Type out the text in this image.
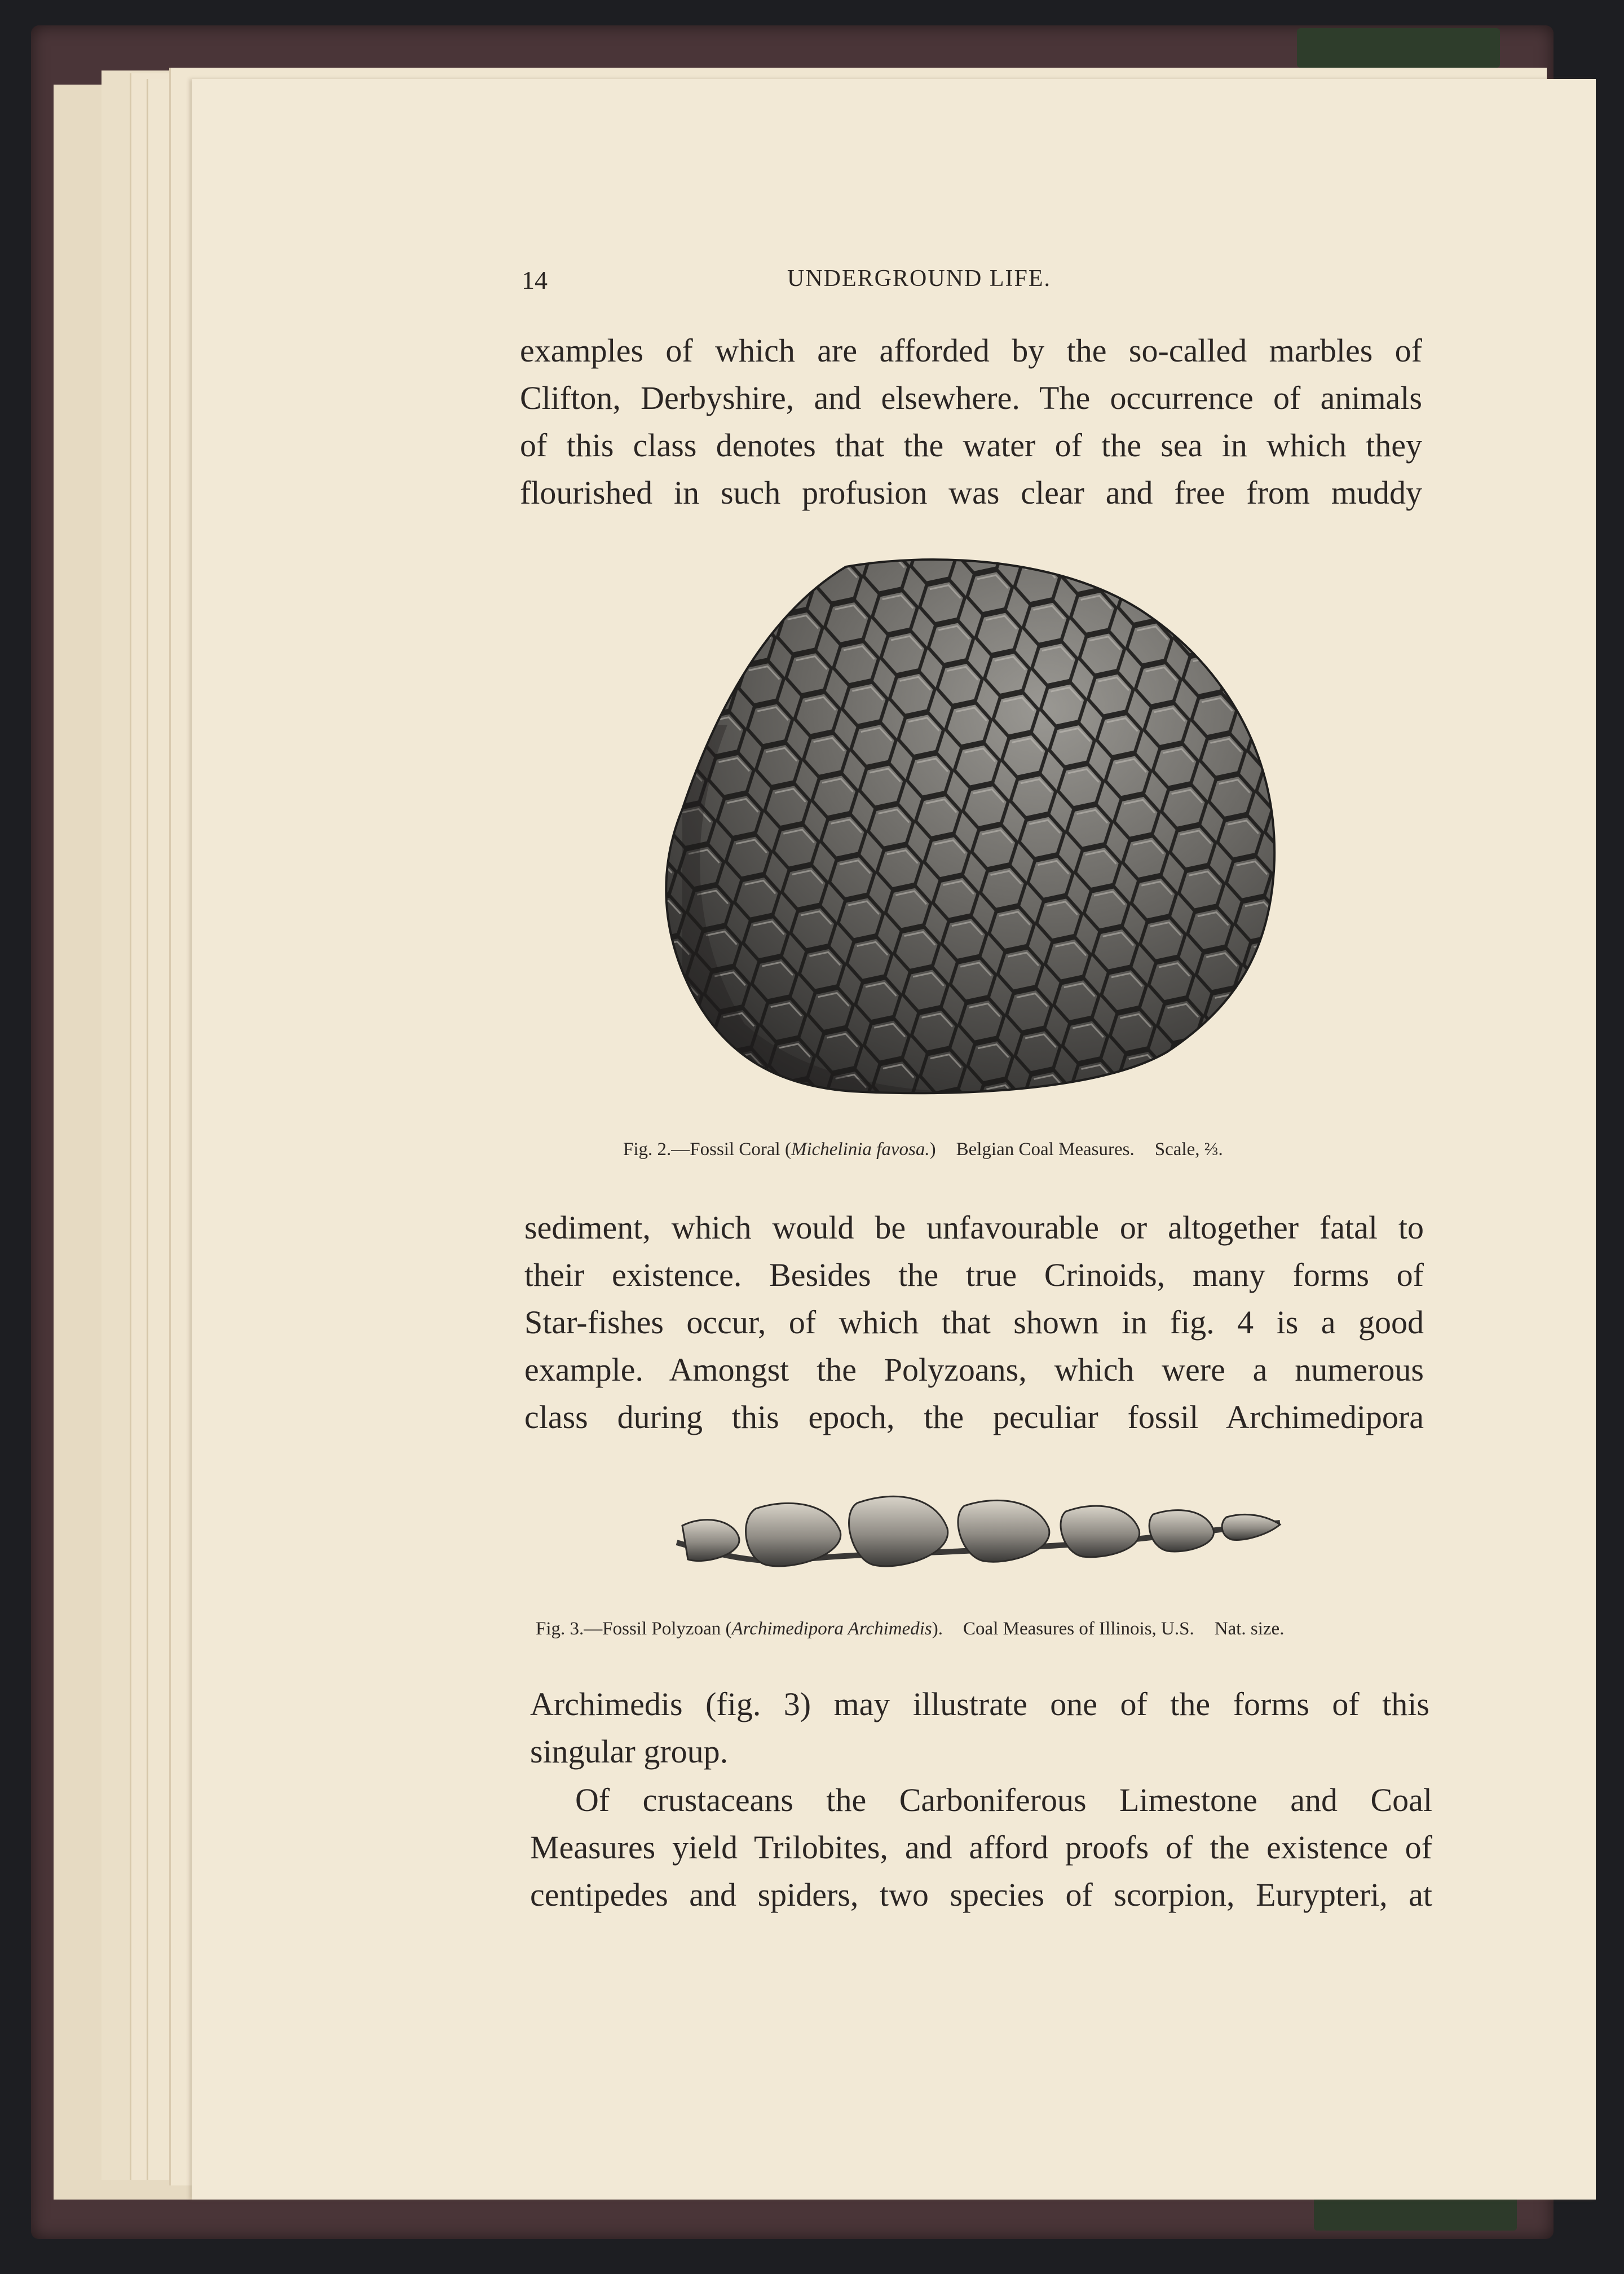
14	UNDERGROUND LIFE.
examples of which are afforded by the so-called marbles of
Clifton, Derbyshire, and elsewhere. The occurrence of animals
of this class denotes that the water of the sea in which they
flourished in such profusion was clear and free from muddy
Fig. 2.—Fossil Coral (Michelinia favosa.) Belgian Coal Measures. Scale, ⅔.
sediment, which would be unfavourable or altogether fatal to
their existence. Besides the true Crinoids, many forms of
Star-fishes occur, of which that shown in fig. 4 is a good
example. Amongst the Polyzoans, which were a numerous
class during this epoch, the peculiar fossil Archimedipora
Fig. 3.—Fossil Polyzoan (Archimedipora Archimedis). Coal Measures of Illinois, U.S. Nat. size.
Archimedis (fig. 3) may illustrate one of the forms of this
singular group.
Of crustaceans the Carboniferous Limestone and Coal
Measures yield Trilobites, and afford proofs of the existence of
centipedes and spiders, two species of scorpion, Eurypteri, at
